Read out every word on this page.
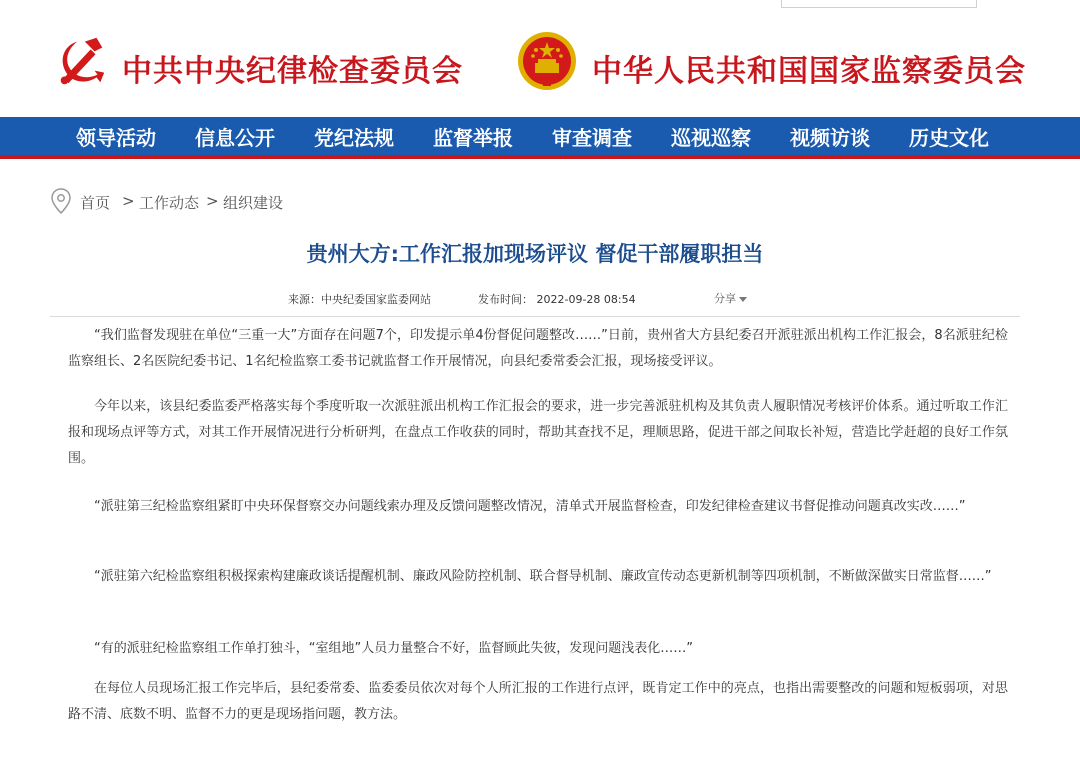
中共中央纪律检查委员会	中华人民共和国国家监察委员会
领导活动 信息公开 党纪法规 监督举报 审查调查 巡视巡察 视频访谈 历史文化
首页 > 工作动态 > 组织建设
贵州大方:工作汇报加现场评议 督促干部履职担当
来源：中央纪委国家监委网站	发布时间： 2022-09-28 08:54	分享

“我们监督发现驻在单位“三重一大”方面存在问题7个，印发提示单4份督促问题整改……”日前，贵州省大方县纪委召开派驻派出机构工作汇报会，8名派驻纪检监察组长、2名医院纪委书记、1名纪检监察工委书记就监督工作开展情况，向县纪委常委会汇报，现场接受评议。

今年以来，该县纪委监委严格落实每个季度听取一次派驻派出机构工作汇报会的要求，进一步完善派驻机构及其负责人履职情况考核评价体系。通过听取工作汇报和现场点评等方式，对其工作开展情况进行分析研判，在盘点工作收获的同时，帮助其查找不足，理顺思路，促进干部之间取长补短，营造比学赶超的良好工作氛围。

“派驻第三纪检监察组紧盯中央环保督察交办问题线索办理及反馈问题整改情况，清单式开展监督检查，印发纪律检查建议书督促推动问题真改实改……”

“派驻第六纪检监察组积极探索构建廉政谈话提醒机制、廉政风险防控机制、联合督导机制、廉政宣传动态更新机制等四项机制，不断做深做实日常监督……”

“有的派驻纪检监察组工作单打独斗，“室组地”人员力量整合不好，监督顾此失彼，发现问题浅表化……”

在每位人员现场汇报工作完毕后，县纪委常委、监委委员依次对每个人所汇报的工作进行点评，既肯定工作中的亮点，也指出需要整改的问题和短板弱项，对思路不清、底数不明、监督不力的更是现场指问题，教方法。
